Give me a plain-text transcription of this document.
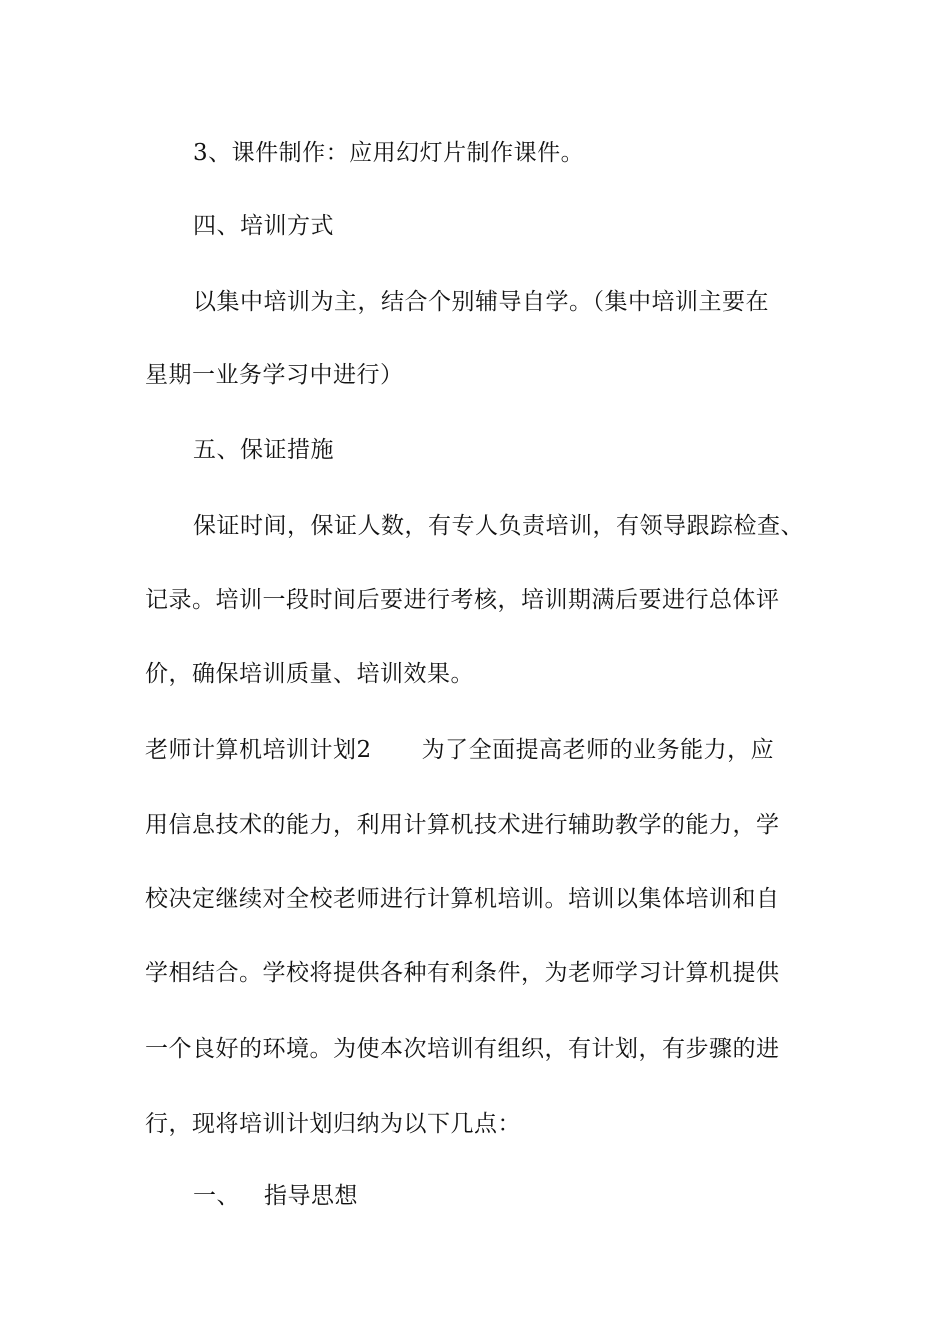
3、课件制作：应用幻灯片制作课件。
四、培训方式
以集中培训为主，结合个别辅导自学。（集中培训主要在
星期一业务学习中进行）
五、保证措施
保证时间，保证人数，有专人负责培训，有领导跟踪检查、
记录。培训一段时间后要进行考核，培训期满后要进行总体评
价，确保培训质量、培训效果。
老师计算机培训计划2 为了全面提高老师的业务能力，应
用信息技术的能力，利用计算机技术进行辅助教学的能力，学
校决定继续对全校老师进行计算机培训。培训以集体培训和自
学相结合。学校将提供各种有利条件，为老师学习计算机提供
一个良好的环境。为使本次培训有组织，有计划，有步骤的进
行，现将培训计划归纳为以下几点：
一、 指导思想
